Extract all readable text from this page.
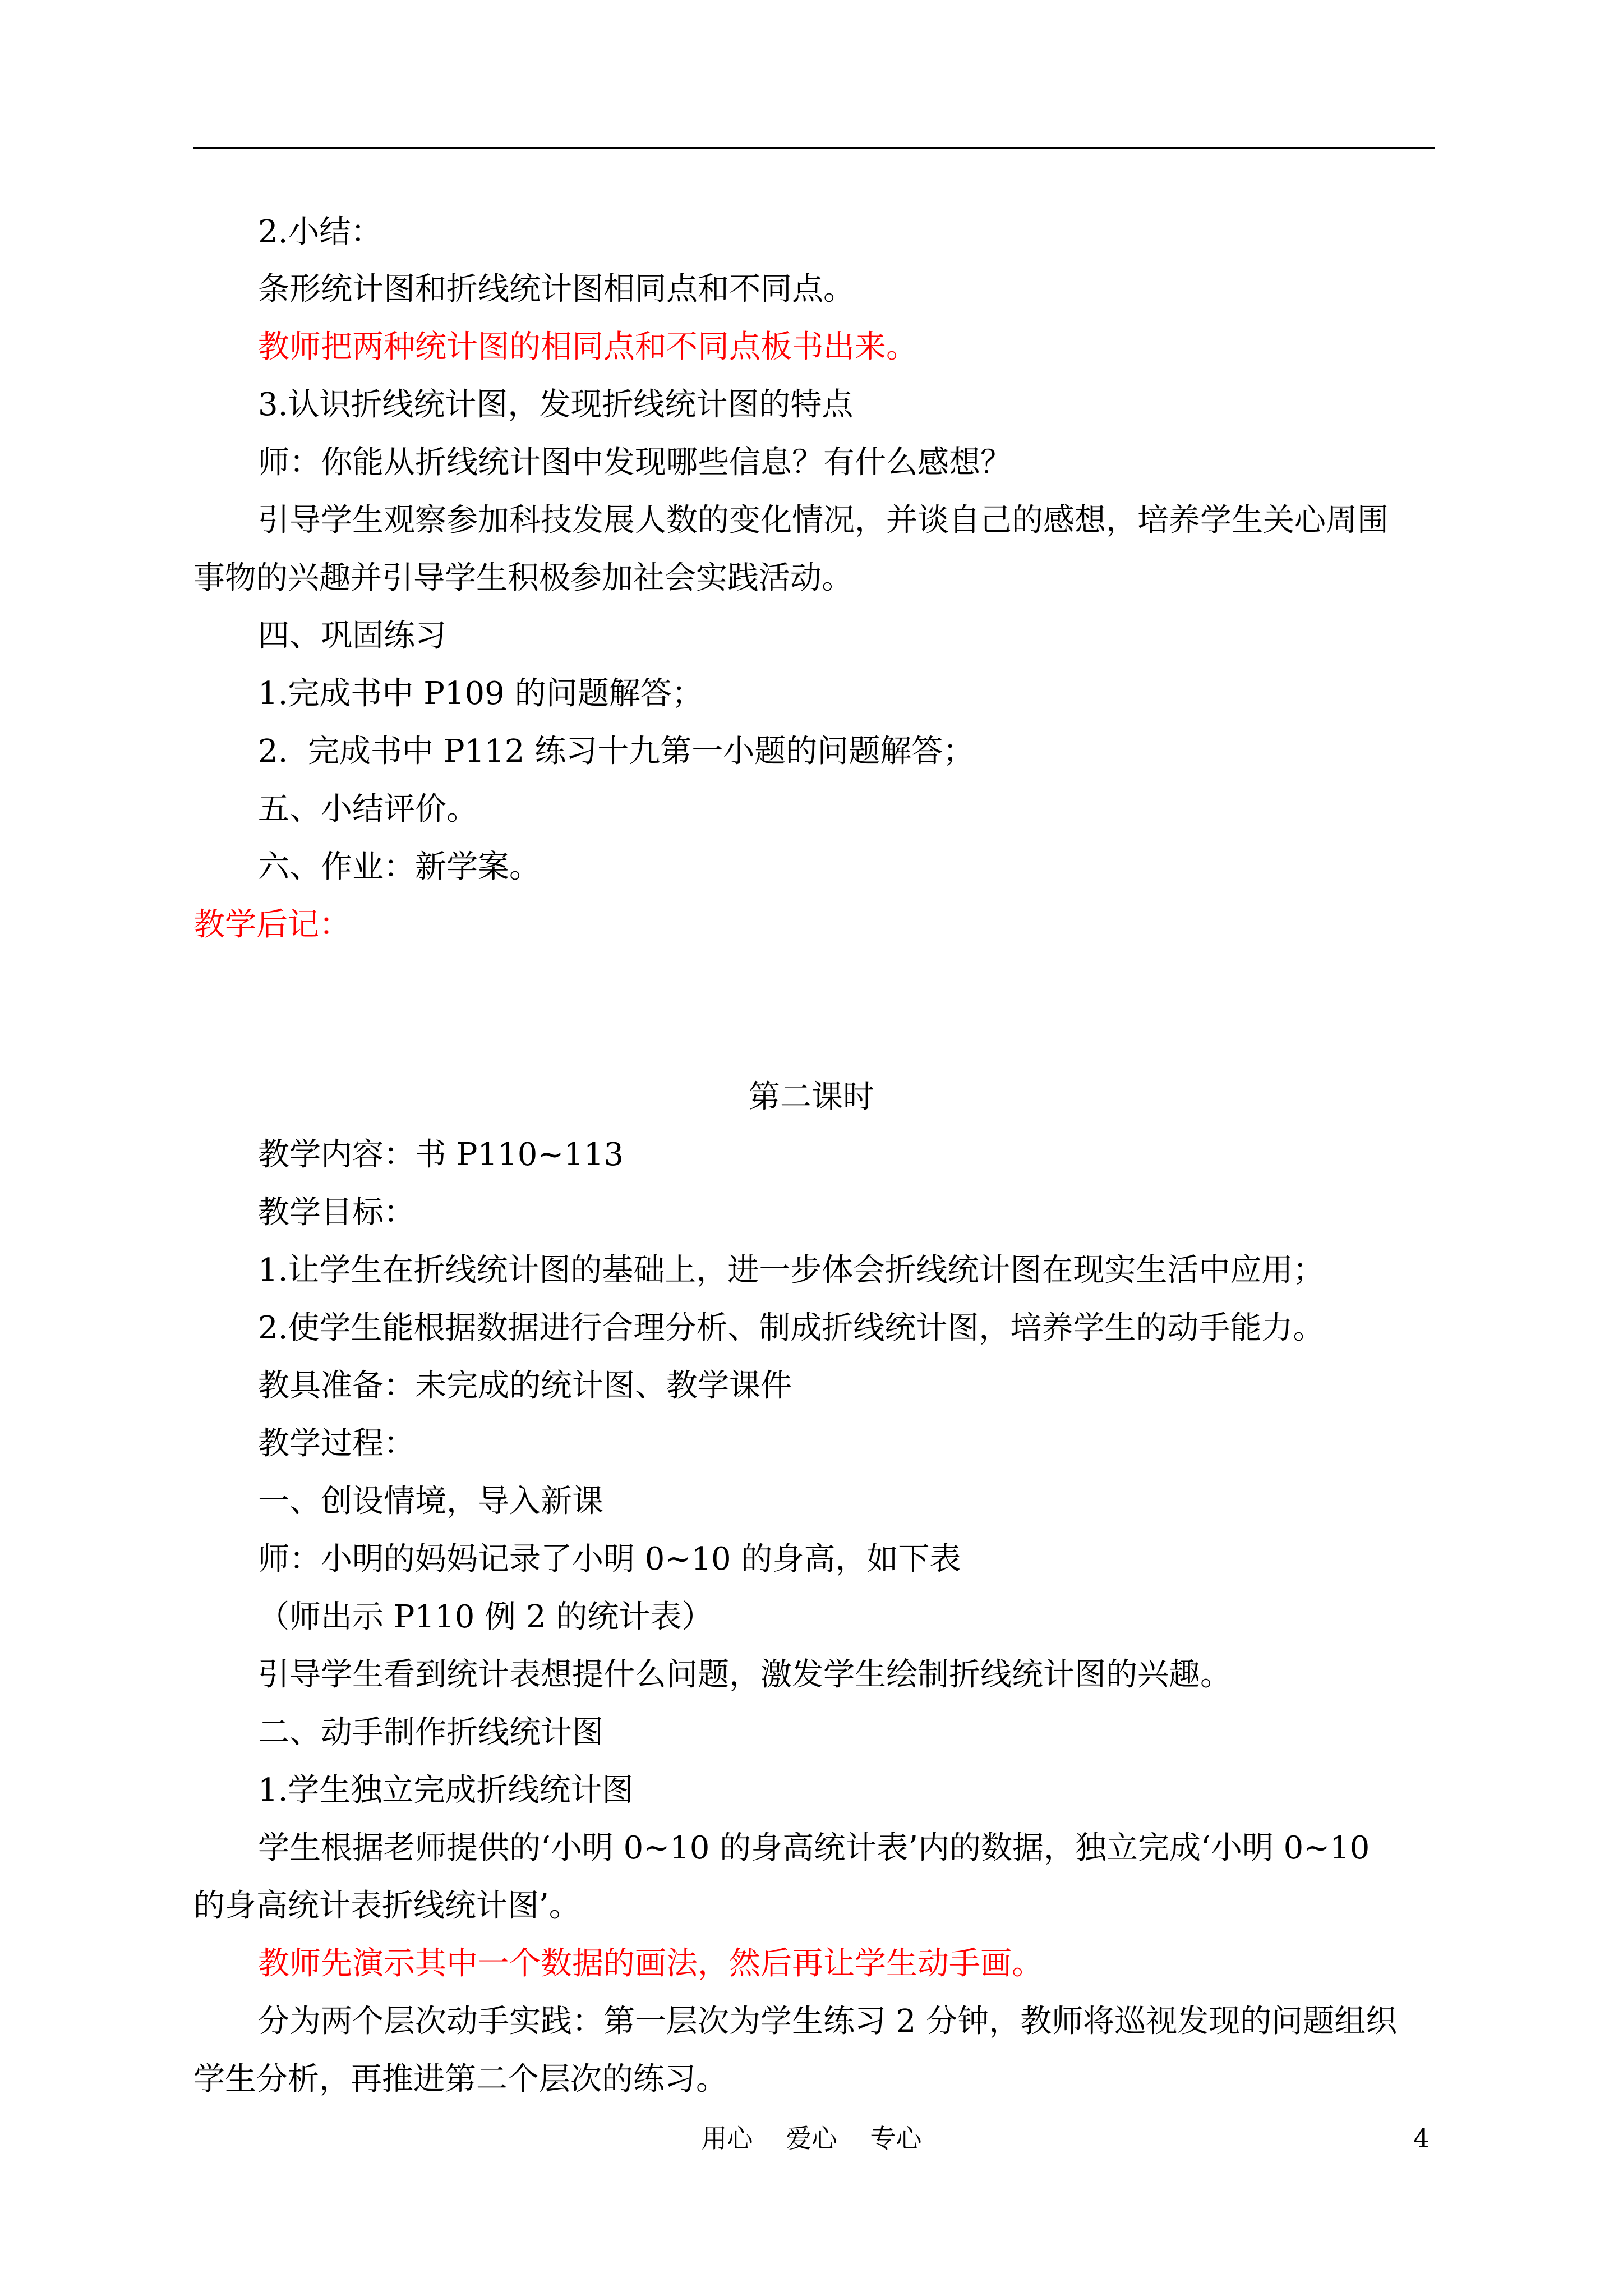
2.小结：
条形统计图和折线统计图相同点和不同点。
教师把两种统计图的相同点和不同点板书出来。
3.认识折线统计图，发现折线统计图的特点
师：你能从折线统计图中发现哪些信息？有什么感想？
引导学生观察参加科技发展人数的变化情况，并谈自己的感想，培养学生关心周围
事物的兴趣并引导学生积极参加社会实践活动。
四、巩固练习
1.完成书中 P109 的问题解答；
2.  完成书中 P112 练习十九第一小题的问题解答；
五、小结评价。
六、作业：新学案。
教学后记：
第二课时
教学内容：书 P110~113
教学目标：
1.让学生在折线统计图的基础上，进一步体会折线统计图在现实生活中应用；
2.使学生能根据数据进行合理分析、制成折线统计图，培养学生的动手能力。
教具准备：未完成的统计图、教学课件
教学过程：
一、创设情境，导入新课
师：小明的妈妈记录了小明 0~10 的身高，如下表
（师出示 P110 例 2 的统计表）
引导学生看到统计表想提什么问题，激发学生绘制折线统计图的兴趣。
二、动手制作折线统计图
1.学生独立完成折线统计图
学生根据老师提供的‘小明 0~10 的身高统计表’内的数据，独立完成‘小明 0~10
的身高统计表折线统计图’。
教师先演示其中一个数据的画法，然后再让学生动手画。
分为两个层次动手实践：第一层次为学生练习 2 分钟，教师将巡视发现的问题组织
学生分析，再推进第二个层次的练习。
用心    爱心    专心	4
